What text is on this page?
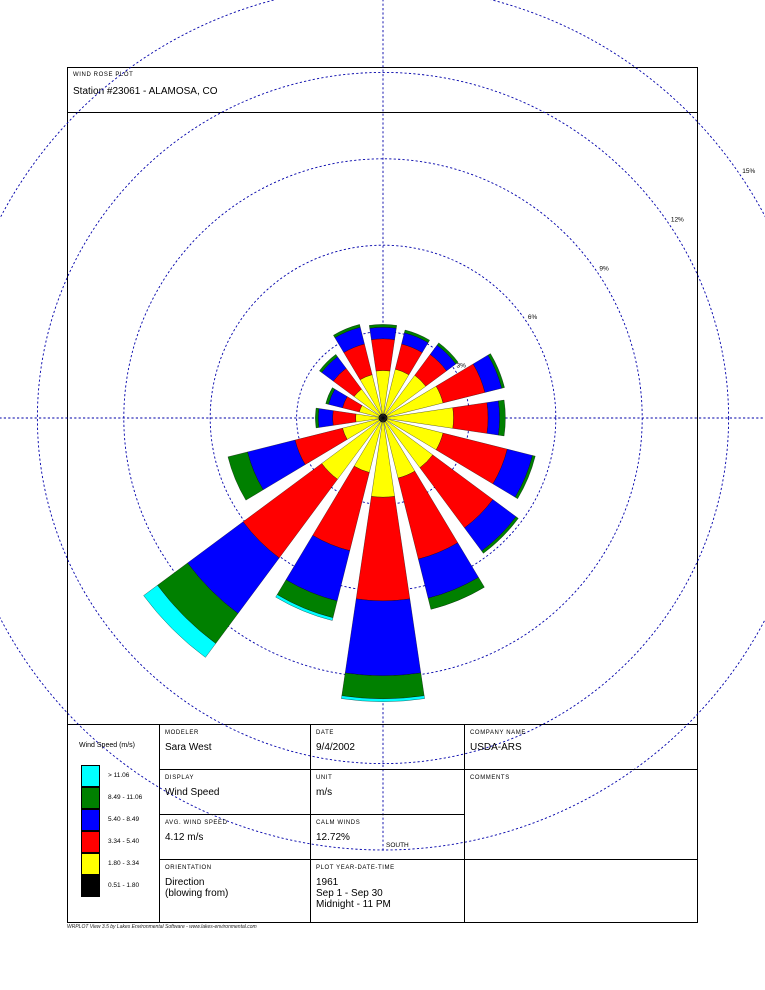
WIND ROSE PLOT
Station #23061 - ALAMOSA, CO
3%
6%
9%
12%
15%
SOUTH
Wind Speed (m/s)
> 11.06
8.49 - 11.06
5.40 - 8.49
3.34 - 5.40
1.80 - 3.34
0.51 - 1.80
MODELER
Sara West
DATE
9/4/2002
COMPANY NAME
USDA-ARS
DISPLAY
Wind Speed
UNIT
m/s
COMMENTS
AVG. WIND SPEED
4.12 m/s
CALM WINDS
12.72%
ORIENTATION
Direction
(blowing from)
PLOT YEAR-DATE-TIME
1961
Sep 1 - Sep 30
Midnight - 11 PM
WRPLOT View 3.5 by Lakes Environmental Software - www.lakes-environmental.com
